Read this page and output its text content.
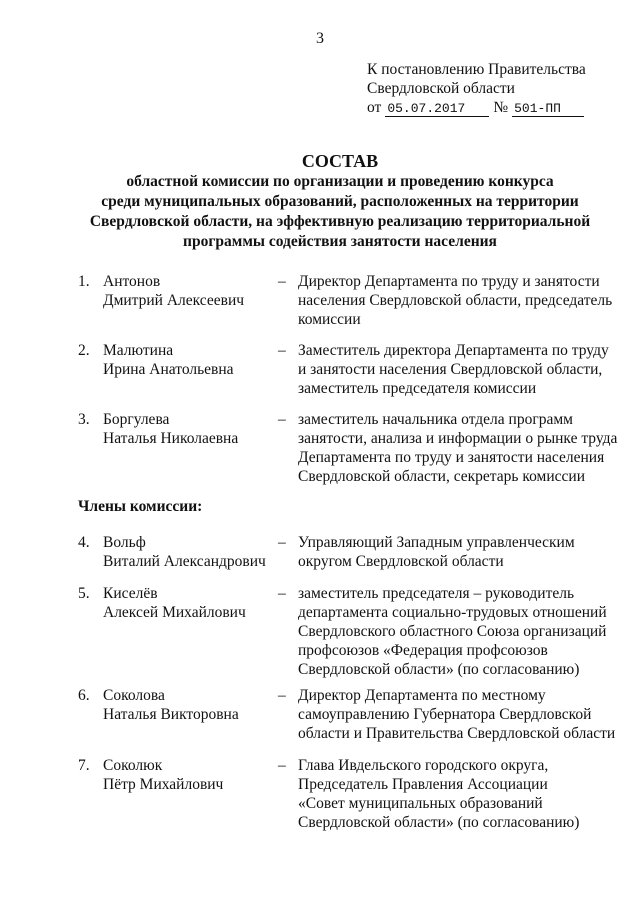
3
К постановлению Правительства
Свердловской области
от 05.07.2017	№ 501-ПП
СОСТАВ
областной комиссии по организации и проведению конкурса
среди муниципальных образований, расположенных на территории
Свердловской области, на эффективную реализацию территориальной
программы содействия занятости населения
1. Антонов
Дмитрий Алексеевич
– Директор Департамента по труду и занятости
населения Свердловской области, председатель
комиссии
2. Малютина
Ирина Анатольевна
– Заместитель директора Департамента по труду
и занятости населения Свердловской области,
заместитель председателя комиссии
3. Боргулева
Наталья Николаевна
– заместитель начальника отдела программ
занятости, анализа и информации о рынке труда
Департамента по труду и занятости населения
Свердловской области, секретарь комиссии
Члены комиссии:
4. Вольф
Виталий Александрович
– Управляющий Западным управленческим
округом Свердловской области
5. Киселёв
Алексей Михайлович
– заместитель председателя – руководитель
департамента социально-трудовых отношений
Свердловского областного Союза организаций
профсоюзов «Федерация профсоюзов
Свердловской области» (по согласованию)
6. Соколова
Наталья Викторовна
– Директор Департамента по местному
самоуправлению Губернатора Свердловской
области и Правительства Свердловской области
7. Соколюк
Пётр Михайлович
– Глава Ивдельского городского округа,
Председатель Правления Ассоциации
«Совет муниципальных образований
Свердловской области» (по согласованию)
